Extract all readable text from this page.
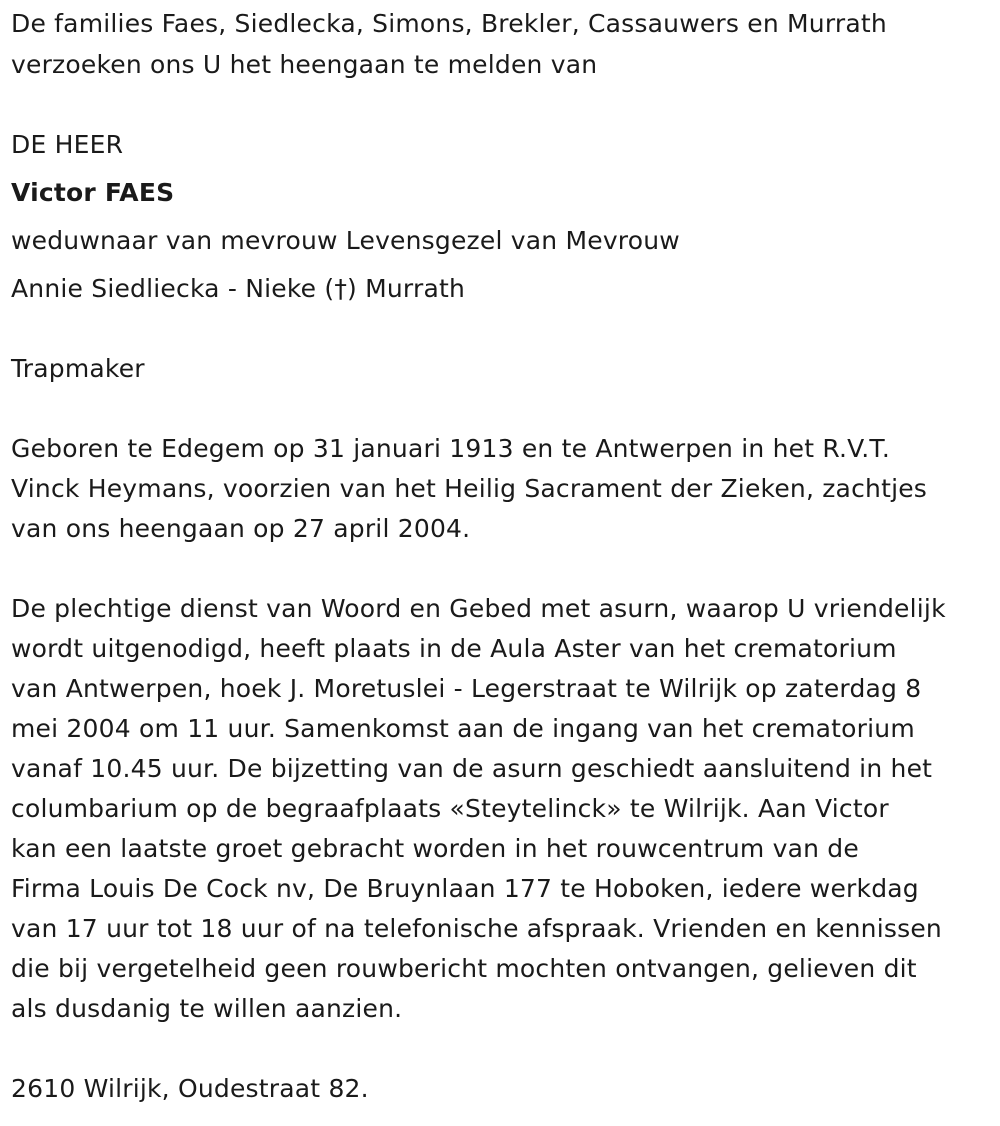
De families Faes, Siedlecka, Simons, Brekler, Cassauwers en Murrath
verzoeken ons U het heengaan te melden van
DE HEER
Victor FAES
weduwnaar van mevrouw Levensgezel van Mevrouw
Annie Siedliecka - Nieke (†) Murrath
Trapmaker
Geboren te Edegem op 31 januari 1913 en te Antwerpen in het R.V.T.
Vinck Heymans, voorzien van het Heilig Sacrament der Zieken, zachtjes
van ons heengaan op 27 april 2004.
De plechtige dienst van Woord en Gebed met asurn, waarop U vriendelijk
wordt uitgenodigd, heeft plaats in de Aula Aster van het crematorium
van Antwerpen, hoek J. Moretuslei - Legerstraat te Wilrijk op zaterdag 8
mei 2004 om 11 uur. Samenkomst aan de ingang van het crematorium
vanaf 10.45 uur. De bijzetting van de asurn geschiedt aansluitend in het
columbarium op de begraafplaats «Steytelinck» te Wilrijk. Aan Victor
kan een laatste groet gebracht worden in het rouwcentrum van de
Firma Louis De Cock nv, De Bruynlaan 177 te Hoboken, iedere werkdag
van 17 uur tot 18 uur of na telefonische afspraak. Vrienden en kennissen
die bij vergetelheid geen rouwbericht mochten ontvangen, gelieven dit
als dusdanig te willen aanzien.
2610 Wilrijk, Oudestraat 82.
